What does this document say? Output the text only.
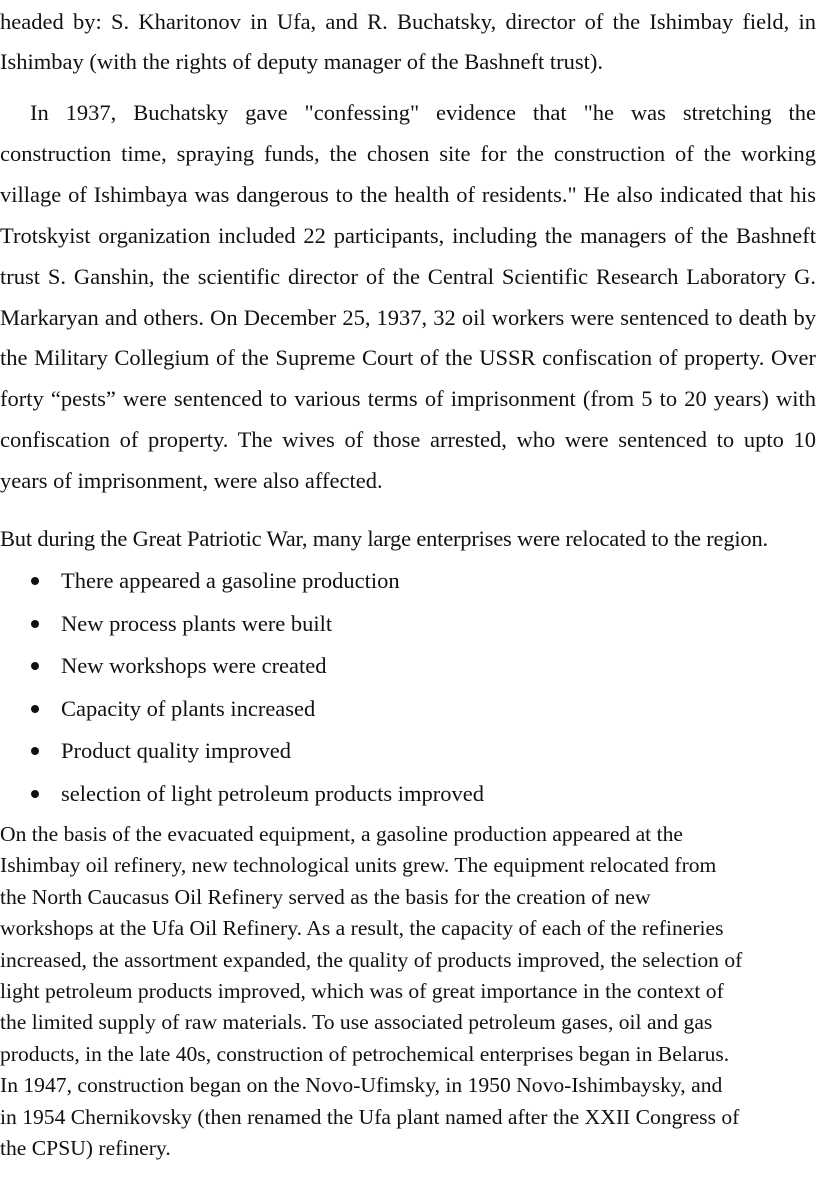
headed by: S. Kharitonov in Ufa, and R. Buchatsky, director of the Ishimbay field, in Ishimbay (with the rights of deputy manager of the Bashneft trust).

In 1937, Buchatsky gave "confessing" evidence that "he was stretching the construction time, spraying funds, the chosen site for the construction of the working village of Ishimbaya was dangerous to the health of residents." He also indicated that his Trotskyist organization included 22 participants, including the managers of the Bashneft trust S. Ganshin, the scientific director of the Central Scientific Research Laboratory G. Markaryan and others. On December 25, 1937, 32 oil workers were sentenced to death by the Military Collegium of the Supreme Court of the USSR confiscation of property. Over forty “pests” were sentenced to various terms of imprisonment (from 5 to 20 years) with confiscation of property. The wives of those arrested, who were sentenced to upto 10 years of imprisonment, were also affected.

But during the Great Patriotic War, many large enterprises were relocated to the region.

There appeared a gasoline production
New process plants were built
New workshops were created
Capacity of plants increased
Product quality improved
selection of light petroleum products improved
On the basis of the evacuated equipment, a gasoline production appeared at the
Ishimbay oil refinery, new technological units grew. The equipment relocated from
the North Caucasus Oil Refinery served as the basis for the creation of new
workshops at the Ufa Oil Refinery. As a result, the capacity of each of the refineries
increased, the assortment expanded, the quality of products improved, the selection of
light petroleum products improved, which was of great importance in the context of
the limited supply of raw materials. To use associated petroleum gases, oil and gas
products, in the late 40s, construction of petrochemical enterprises began in Belarus.
In 1947, construction began on the Novo-Ufimsky, in 1950 Novo-Ishimbaysky, and
in 1954 Chernikovsky (then renamed the Ufa plant named after the XXII Congress of
the CPSU) refinery.
